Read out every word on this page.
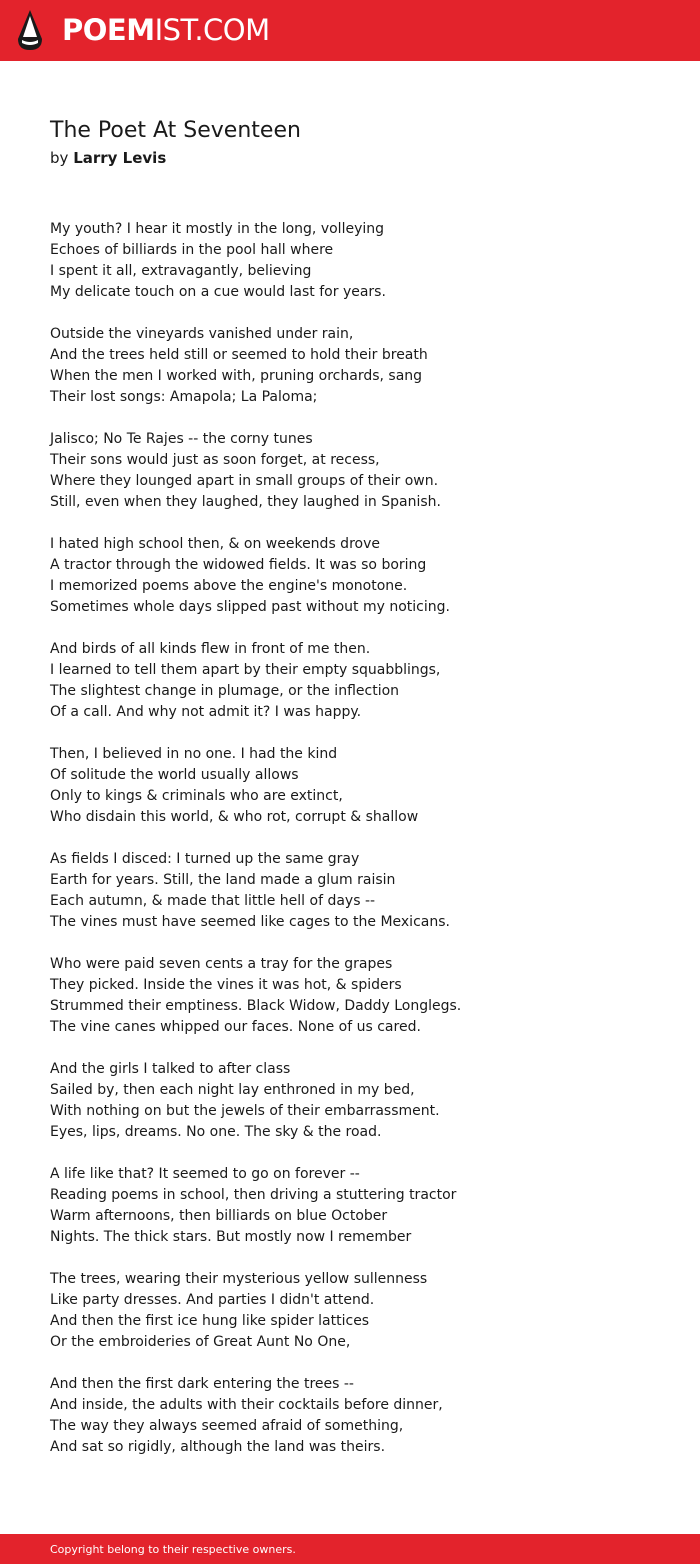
POEMIST.COM
The Poet At Seventeen
by Larry Levis
My youth? I hear it mostly in the long, volleying
Echoes of billiards in the pool hall where
I spent it all, extravagantly, believing
My delicate touch on a cue would last for years.
Outside the vineyards vanished under rain,
And the trees held still or seemed to hold their breath
When the men I worked with, pruning orchards, sang
Their lost songs: Amapola; La Paloma;
Jalisco; No Te Rajes -- the corny tunes
Their sons would just as soon forget, at recess,
Where they lounged apart in small groups of their own.
Still, even when they laughed, they laughed in Spanish.
I hated high school then, & on weekends drove
A tractor through the widowed fields. It was so boring
I memorized poems above the engine's monotone.
Sometimes whole days slipped past without my noticing.
And birds of all kinds flew in front of me then.
I learned to tell them apart by their empty squabblings,
The slightest change in plumage, or the inflection
Of a call. And why not admit it? I was happy.
Then, I believed in no one. I had the kind
Of solitude the world usually allows
Only to kings & criminals who are extinct,
Who disdain this world, & who rot, corrupt & shallow
As fields I disced: I turned up the same gray
Earth for years. Still, the land made a glum raisin
Each autumn, & made that little hell of days --
The vines must have seemed like cages to the Mexicans.
Who were paid seven cents a tray for the grapes
They picked. Inside the vines it was hot, & spiders
Strummed their emptiness. Black Widow, Daddy Longlegs.
The vine canes whipped our faces. None of us cared.
And the girls I talked to after class
Sailed by, then each night lay enthroned in my bed,
With nothing on but the jewels of their embarrassment.
Eyes, lips, dreams. No one. The sky & the road.
A life like that? It seemed to go on forever --
Reading poems in school, then driving a stuttering tractor
Warm afternoons, then billiards on blue October
Nights. The thick stars. But mostly now I remember
The trees, wearing their mysterious yellow sullenness
Like party dresses. And parties I didn't attend.
And then the first ice hung like spider lattices
Or the embroideries of Great Aunt No One,
And then the first dark entering the trees --
And inside, the adults with their cocktails before dinner,
The way they always seemed afraid of something,
And sat so rigidly, although the land was theirs.
Copyright belong to their respective owners.
